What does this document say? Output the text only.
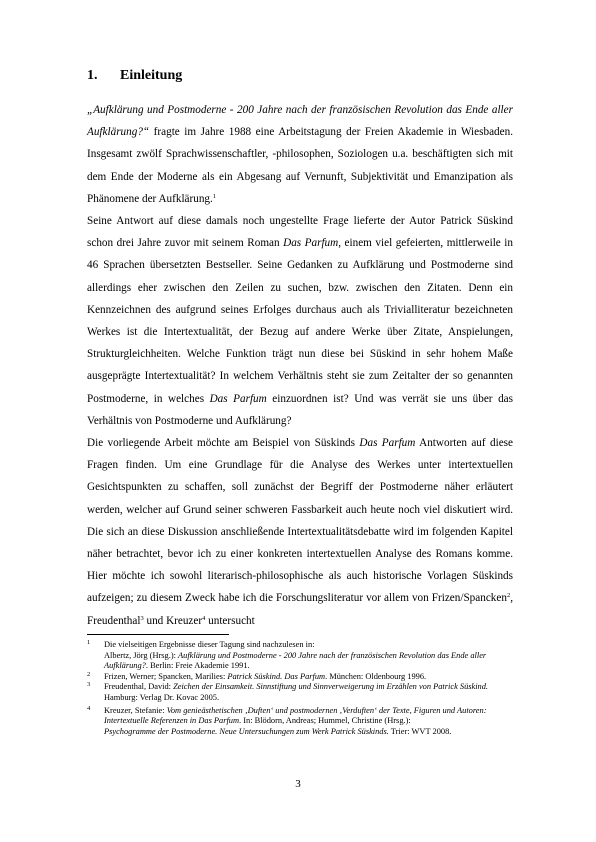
1. Einleitung

„Aufklärung und Postmoderne - 200 Jahre nach der französischen Revolution das Ende aller Aufklärung?“ fragte im Jahre 1988 eine Arbeitstagung der Freien Akademie in Wiesbaden. Insgesamt zwölf Sprachwissenschaftler, -philosophen, Soziologen u.a. beschäftigten sich mit dem Ende der Moderne als ein Abgesang auf Vernunft, Subjektivität und Emanzipation als Phänomene der Aufklärung.$^1$

Seine Antwort auf diese damals noch ungestellte Frage lieferte der Autor Patrick Süskind schon drei Jahre zuvor mit seinem Roman Das Parfum, einem viel gefeierten, mittlerweile in 46 Sprachen übersetzten Bestseller. Seine Gedanken zu Aufklärung und Postmoderne sind allerdings eher zwischen den Zeilen zu suchen, bzw. zwischen den Zitaten. Denn ein Kennzeichnen des aufgrund seines Erfolges durchaus auch als Trivialliteratur bezeichneten Werkes ist die Intertextualität, der Bezug auf andere Werke über Zitate, Anspielungen, Strukturgleichheiten. Welche Funktion trägt nun diese bei Süskind in sehr hohem Maße ausgeprägte Intertextualität? In welchem Verhältnis steht sie zum Zeitalter der so genannten Postmoderne, in welches Das Parfum einzuordnen ist? Und was verrät sie uns über das Verhältnis von Postmoderne und Aufklärung?

Die vorliegende Arbeit möchte am Beispiel von Süskinds Das Parfum Antworten auf diese Fragen finden. Um eine Grundlage für die Analyse des Werkes unter intertextuellen Gesichtspunkten zu schaffen, soll zunächst der Begriff der Postmoderne näher erläutert werden, welcher auf Grund seiner schweren Fassbarkeit auch heute noch viel diskutiert wird. Die sich an diese Diskussion anschließende Intertextualitätsdebatte wird im folgenden Kapitel näher betrachtet, bevor ich zu einer konkreten intertextuellen Analyse des Romans komme. Hier möchte ich sowohl literarisch-philosophische als auch historische Vorlagen Süskinds aufzeigen; zu diesem Zweck habe ich die Forschungsliteratur vor allem von Frizen/Spancken$^2$, Freudenthal$^3$ und Kreuzer$^4$ untersucht

1 Die vielseitigen Ergebnisse dieser Tagung sind nachzulesen in:
Albertz, Jörg (Hrsg.): Aufklärung und Postmoderne - 200 Jahre nach der französischen Revolution das Ende aller Aufklärung?. Berlin: Freie Akademie 1991.
2 Frizen, Werner; Spancken, Marilies: Patrick Süskind. Das Parfum. München: Oldenbourg 1996.
3 Freudenthal, David: Zeichen der Einsamkeit. Sinnstiftung und Sinnverweigerung im Erzählen von Patrick Süskind. Hamburg: Verlag Dr. Kovac 2005.
4 Kreuzer, Stefanie: Vom genieästhetischen ‚Duften‘ und postmodernen ‚Verduften‘ der Texte, Figuren und Autoren: Intertextuelle Referenzen in Das Parfum. In: Blödorn, Andreas; Hummel, Christine (Hrsg.):
Psychogramme der Postmoderne. Neue Untersuchungen zum Werk Patrick Süskinds. Trier: WVT 2008.
3
